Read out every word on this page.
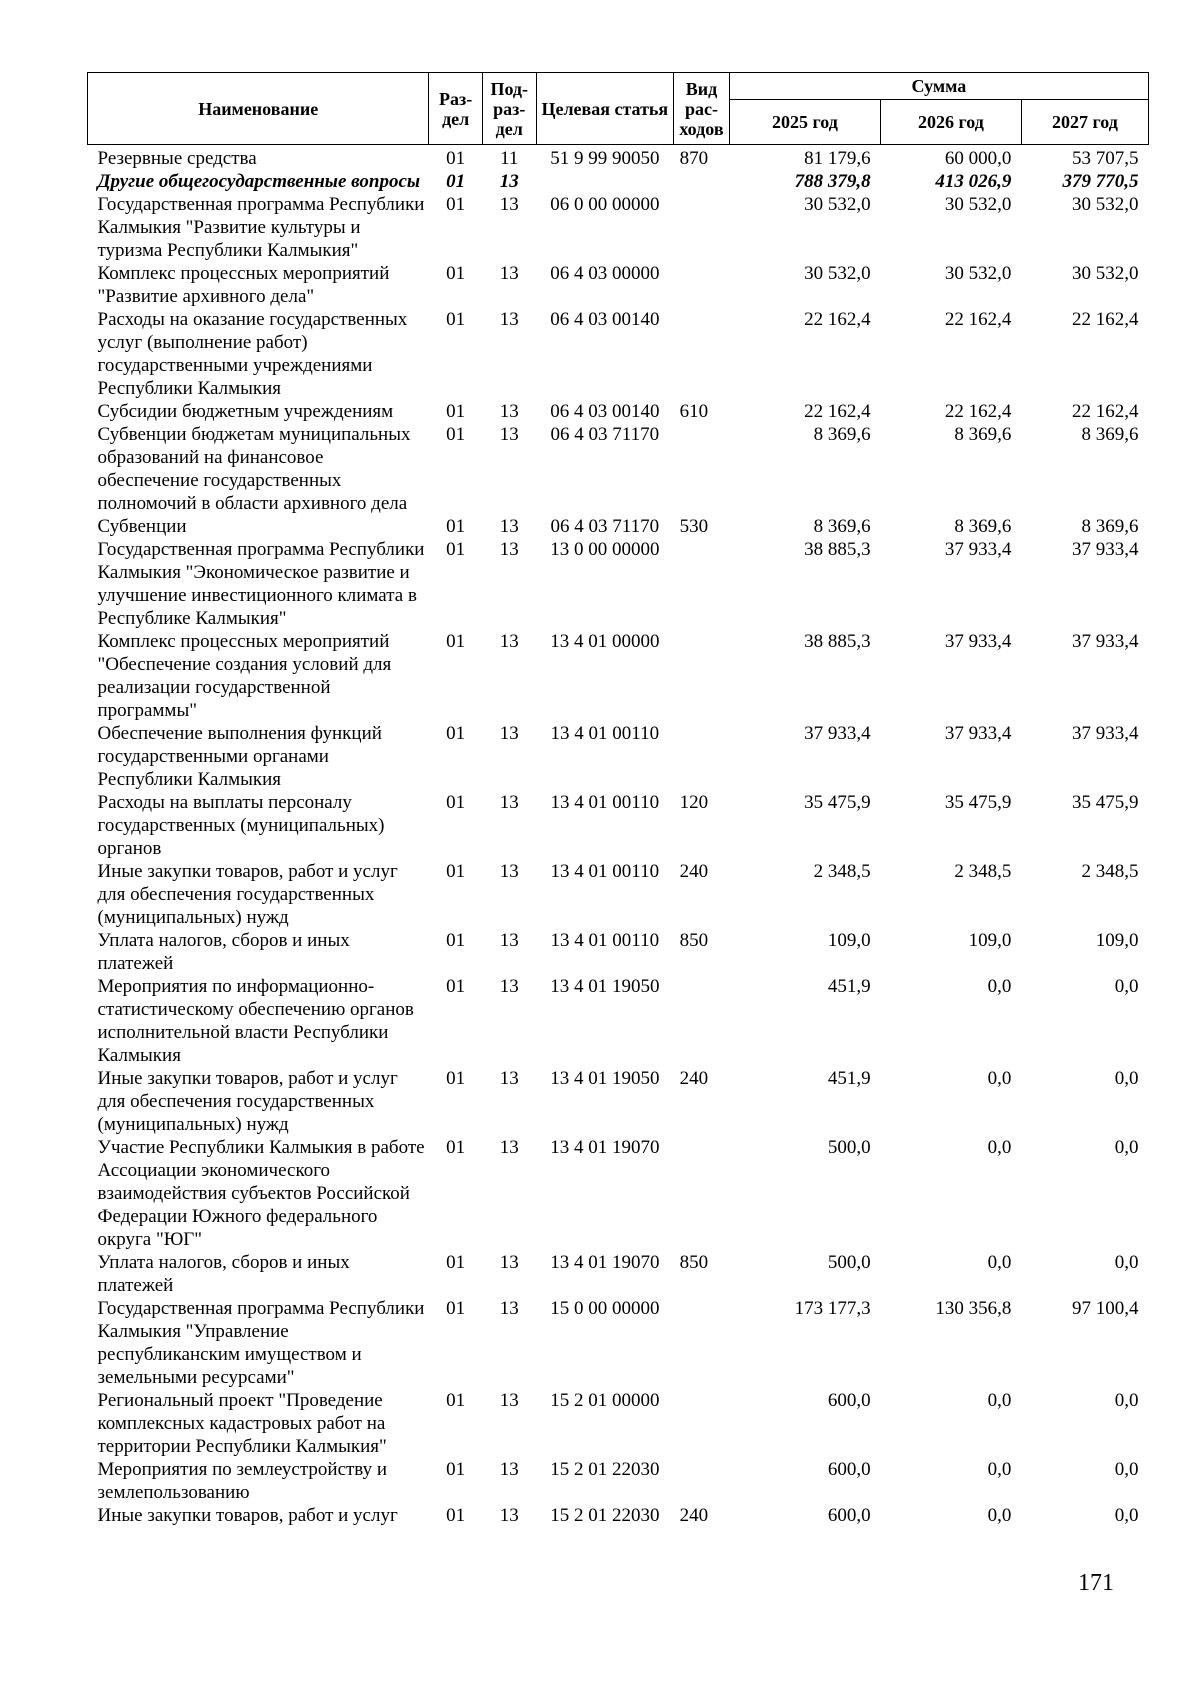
Наименование	Раз- дел	Под- раз- дел	Целевая статья	Вид рас- ходов	Сумма		
					2025 год	2026 год	2027 год
Резервные средства	01	11	51 9 99 90050	870	81 179,6	60 000,0	53 707,5
Другие общегосударственные вопросы	01	13			788 379,8	413 026,9	379 770,5
Государственная программа Республики Калмыкия "Развитие культуры и туризма Республики Калмыкия"	01	13	06 0 00 00000		30 532,0	30 532,0	30 532,0
Комплекс процессных мероприятий "Развитие архивного дела"	01	13	06 4 03 00000		30 532,0	30 532,0	30 532,0
Расходы на оказание государственных услуг (выполнение работ) государственными учреждениями Республики Калмыкия	01	13	06 4 03 00140		22 162,4	22 162,4	22 162,4
Субсидии бюджетным учреждениям	01	13	06 4 03 00140	610	22 162,4	22 162,4	22 162,4
Субвенции бюджетам муниципальных образований на финансовое обеспечение государственных полномочий в области архивного дела	01	13	06 4 03 71170		8 369,6	8 369,6	8 369,6
Субвенции	01	13	06 4 03 71170	530	8 369,6	8 369,6	8 369,6
Государственная программа Республики Калмыкия "Экономическое развитие и улучшение инвестиционного климата в Республике Калмыкия"	01	13	13 0 00 00000		38 885,3	37 933,4	37 933,4
Комплекс процессных мероприятий "Обеспечение создания условий для реализации государственной программы"	01	13	13 4 01 00000		38 885,3	37 933,4	37 933,4
Обеспечение выполнения функций государственными органами Республики Калмыкия	01	13	13 4 01 00110		37 933,4	37 933,4	37 933,4
Расходы на выплаты персоналу государственных (муниципальных) органов	01	13	13 4 01 00110	120	35 475,9	35 475,9	35 475,9
Иные закупки товаров, работ и услуг для обеспечения государственных (муниципальных) нужд	01	13	13 4 01 00110	240	2 348,5	2 348,5	2 348,5
Уплата налогов, сборов и иных платежей	01	13	13 4 01 00110	850	109,0	109,0	109,0
Мероприятия по информационно-статистическому обеспечению органов исполнительной власти Республики Калмыкия	01	13	13 4 01 19050		451,9	0,0	0,0
Иные закупки товаров, работ и услуг для обеспечения государственных (муниципальных) нужд	01	13	13 4 01 19050	240	451,9	0,0	0,0
Участие Республики Калмыкия в работе Ассоциации экономического взаимодействия субъектов Российской Федерации Южного федерального округа "ЮГ"	01	13	13 4 01 19070		500,0	0,0	0,0
Уплата налогов, сборов и иных платежей	01	13	13 4 01 19070	850	500,0	0,0	0,0
Государственная программа Республики Калмыкия "Управление республиканским имуществом и земельными ресурсами"	01	13	15 0 00 00000		173 177,3	130 356,8	97 100,4
Региональный проект "Проведение комплексных кадастровых работ на территории Республики Калмыкия"	01	13	15 2 01 00000		600,0	0,0	0,0
Мероприятия по землеустройству и землепользованию	01	13	15 2 01 22030		600,0	0,0	0,0
Иные закупки товаров, работ и услуг	01	13	15 2 01 22030	240	600,0	0,0	0,0
171
